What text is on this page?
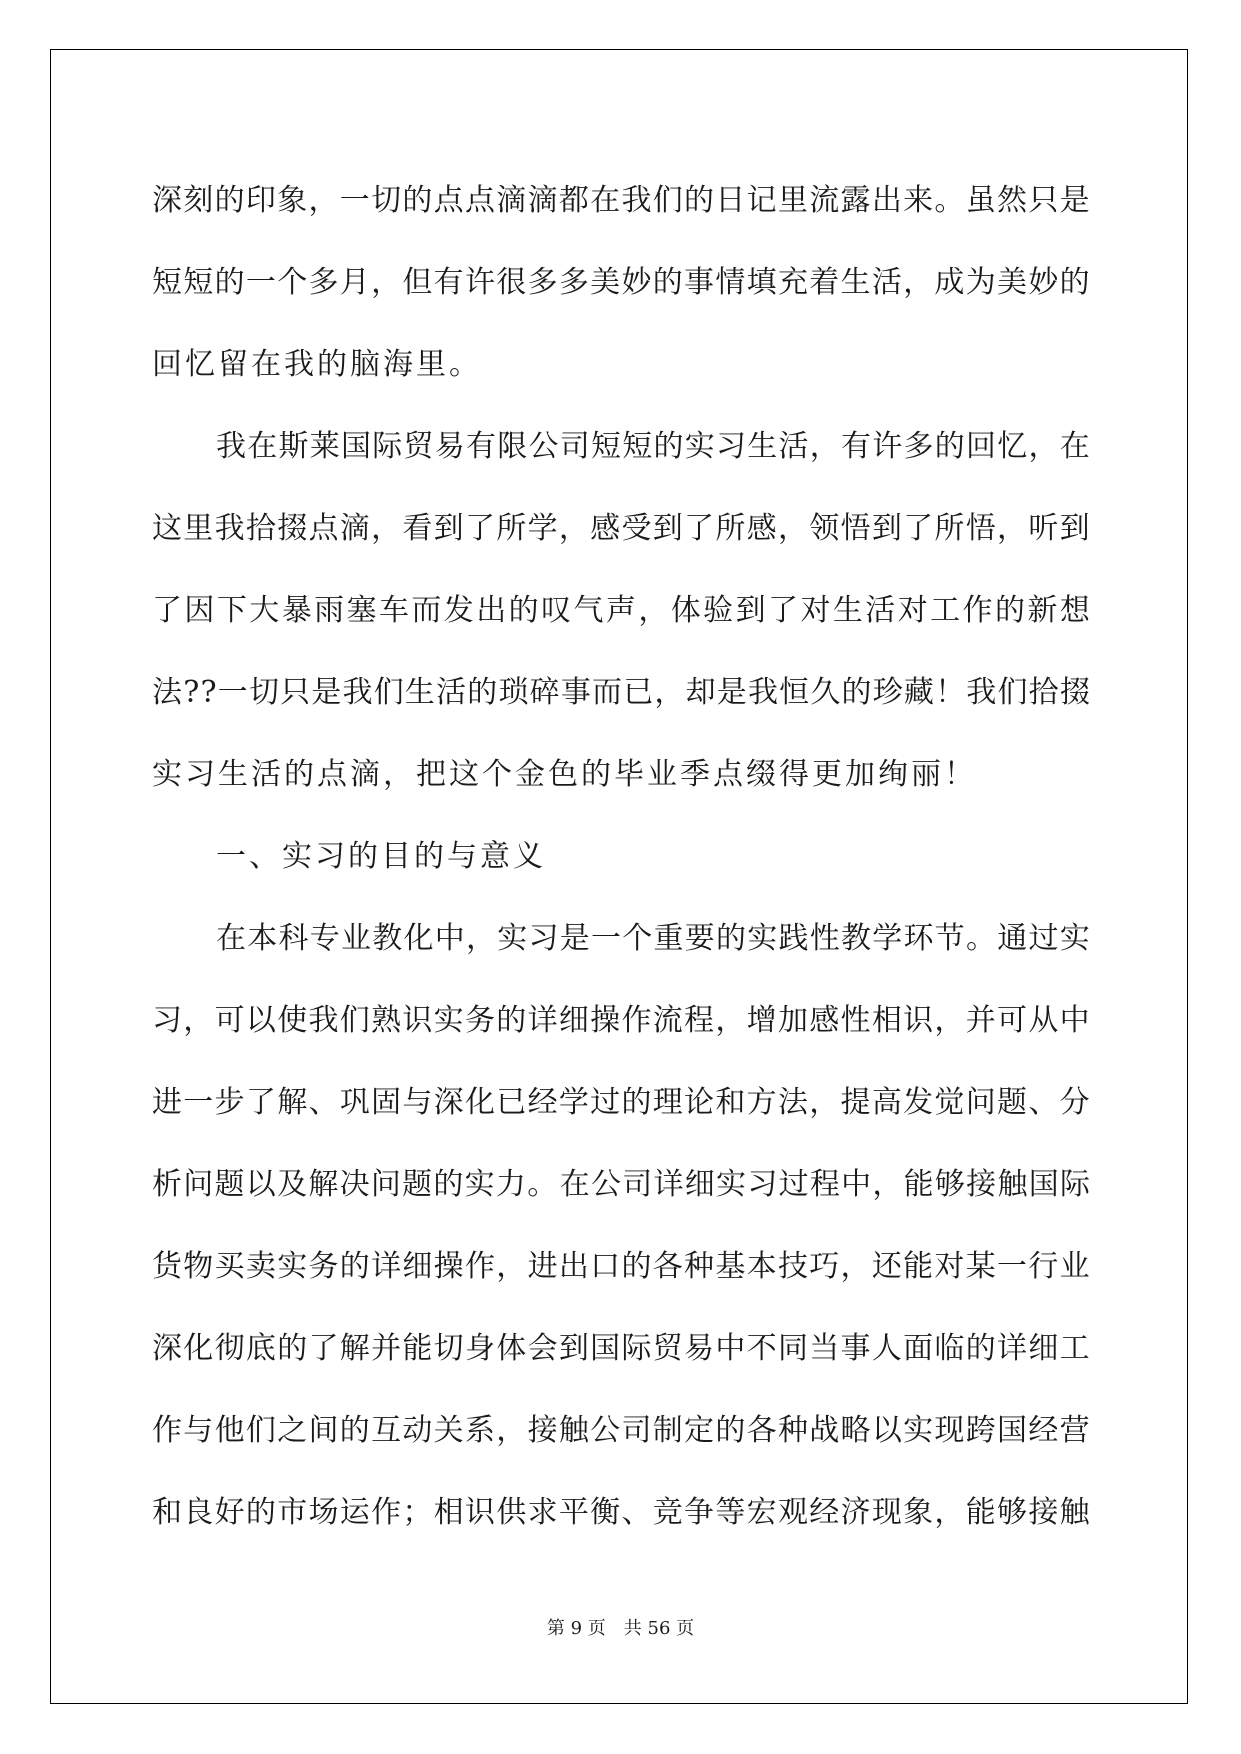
深 刻 的 印 象 ， 一 切 的 点 点 滴 滴 都 在 我 们 的 日 记 里 流 露 出 来 。 虽 然 只 是
短 短 的 一 个 多 月 ， 但 有 许 很 多 多 美 妙 的 事 情 填 充 着 生 活 ， 成 为 美 妙 的
回忆留在我的脑海里。
我 在 斯 莱 国 际 贸 易 有 限 公 司 短 短 的 实 习 生 活 ， 有 许 多 的 回 忆 ， 在
这 里 我 拾 掇 点 滴 ， 看 到 了 所 学 ， 感 受 到 了 所 感 ， 领 悟 到 了 所 悟 ， 听 到
了 因 下 大 暴 雨 塞 车 而 发 出 的 叹 气 声 ， 体 验 到 了 对 生 活 对 工 作 的 新 想
法 ? ? 一 切 只 是 我 们 生 活 的 琐 碎 事 而 已 ， 却 是 我 恒 久 的 珍 藏 ！ 我 们 拾 掇
实习生活的点滴，把这个金色的毕业季点缀得更加绚丽！
一、实习的目的与意义
在 本 科 专 业 教 化 中 ， 实 习 是 一 个 重 要 的 实 践 性 教 学 环 节 。 通 过 实
习 ， 可 以 使 我 们 熟 识 实 务 的 详 细 操 作 流 程 ， 增 加 感 性 相 识 ， 并 可 从 中
进 一 步 了 解 、 巩 固 与 深 化 已 经 学 过 的 理 论 和 方 法 ， 提 高 发 觉 问 题 、 分
析 问 题 以 及 解 决 问 题 的 实 力 。 在 公 司 详 细 实 习 过 程 中 ， 能 够 接 触 国 际
货 物 买 卖 实 务 的 详 细 操 作 ， 进 出 口 的 各 种 基 本 技 巧 ， 还 能 对 某 一 行 业
深 化 彻 底 的 了 解 并 能 切 身 体 会 到 国 际 贸 易 中 不 同 当 事 人 面 临 的 详 细 工
作 与 他 们 之 间 的 互 动 关 系 ， 接 触 公 司 制 定 的 各 种 战 略 以 实 现 跨 国 经 营
和 良 好 的 市 场 运 作 ； 相 识 供 求 平 衡 、 竞 争 等 宏 观 经 济 现 象 ， 能 够 接 触
第 9 页　共 56 页
